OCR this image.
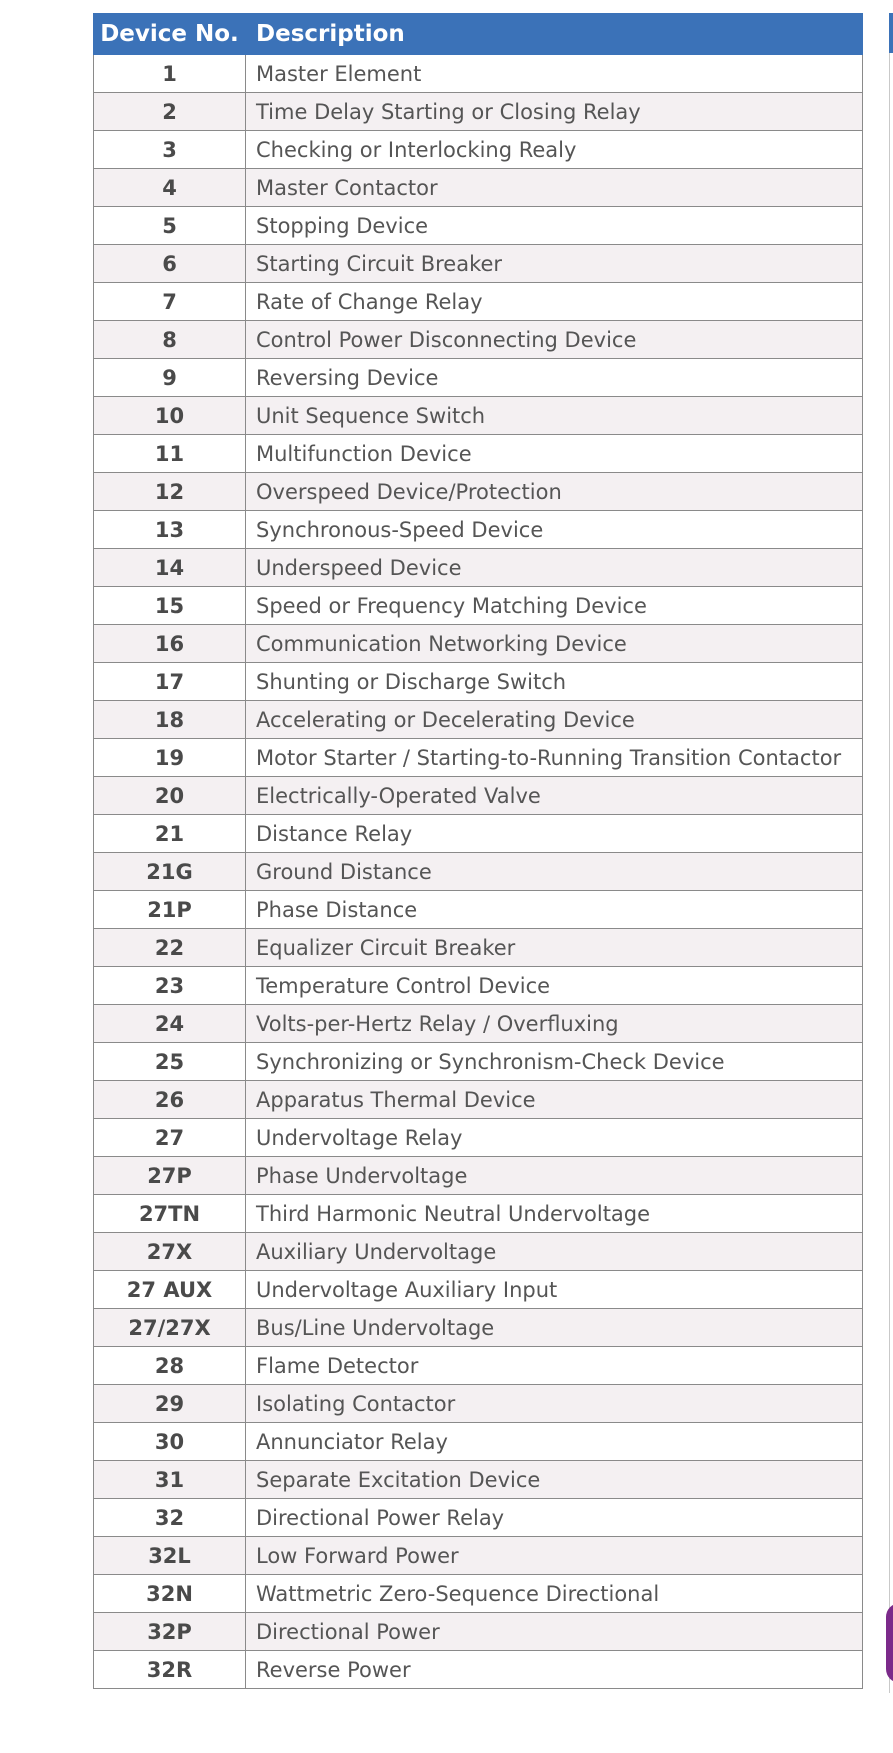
Device No.	Description
1	Master Element
2	Time Delay Starting or Closing Relay
3	Checking or Interlocking Realy
4	Master Contactor
5	Stopping Device
6	Starting Circuit Breaker
7	Rate of Change Relay
8	Control Power Disconnecting Device
9	Reversing Device
10	Unit Sequence Switch
11	Multifunction Device
12	Overspeed Device/Protection
13	Synchronous-Speed Device
14	Underspeed Device
15	Speed or Frequency Matching Device
16	Communication Networking Device
17	Shunting or Discharge Switch
18	Accelerating or Decelerating Device
19	Motor Starter / Starting-to-Running Transition Contactor
20	Electrically-Operated Valve
21	Distance Relay
21G	Ground Distance
21P	Phase Distance
22	Equalizer Circuit Breaker
23	Temperature Control Device
24	Volts-per-Hertz Relay / Overfluxing
25	Synchronizing or Synchronism-Check Device
26	Apparatus Thermal Device
27	Undervoltage Relay
27P	Phase Undervoltage
27TN	Third Harmonic Neutral Undervoltage
27X	Auxiliary Undervoltage
27 AUX	Undervoltage Auxiliary Input
27/27X	Bus/Line Undervoltage
28	Flame Detector
29	Isolating Contactor
30	Annunciator Relay
31	Separate Excitation Device
32	Directional Power Relay
32L	Low Forward Power
32N	Wattmetric Zero-Sequence Directional
32P	Directional Power
32R	Reverse Power
